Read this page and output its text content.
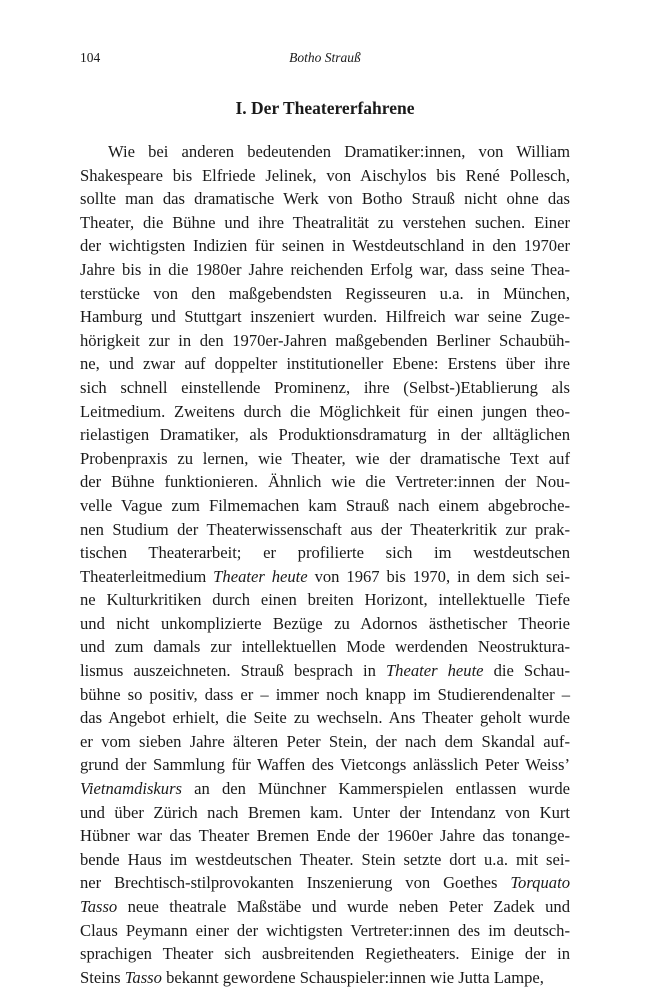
104	Botho Strauß
I. Der Theatererfahrene
Wie bei anderen bedeutenden Dramatiker:innen, von William
Shakespeare bis Elfriede Jelinek, von Aischylos bis René Pollesch,
sollte man das dramatische Werk von Botho Strauß nicht ohne das
Theater, die Bühne und ihre Theatralität zu verstehen suchen. Einer
der wichtigsten Indizien für seinen in Westdeutschland in den 1970er
Jahre bis in die 1980er Jahre reichenden Erfolg war, dass seine Thea-
terstücke von den maßgebendsten Regisseuren u.a. in München,
Hamburg und Stuttgart inszeniert wurden. Hilfreich war seine Zuge-
hörigkeit zur in den 1970er-Jahren maßgebenden Berliner Schaubüh-
ne, und zwar auf doppelter institutioneller Ebene: Erstens über ihre
sich schnell einstellende Prominenz, ihre (Selbst-)Etablierung als
Leitmedium. Zweitens durch die Möglichkeit für einen jungen theo-
rielastigen Dramatiker, als Produktionsdramaturg in der alltäglichen
Probenpraxis zu lernen, wie Theater, wie der dramatische Text auf
der Bühne funktionieren. Ähnlich wie die Vertreter:innen der Nou-
velle Vague zum Filmemachen kam Strauß nach einem abgebroche-
nen Studium der Theaterwissenschaft aus der Theaterkritik zur prak-
tischen Theaterarbeit; er profilierte sich im westdeutschen
Theaterleitmedium Theater heute von 1967 bis 1970, in dem sich sei-
ne Kulturkritiken durch einen breiten Horizont, intellektuelle Tiefe
und nicht unkomplizierte Bezüge zu Adornos ästhetischer Theorie
und zum damals zur intellektuellen Mode werdenden Neostruktura-
lismus auszeichneten. Strauß besprach in Theater heute die Schau-
bühne so positiv, dass er – immer noch knapp im Studierendenalter –
das Angebot erhielt, die Seite zu wechseln. Ans Theater geholt wurde
er vom sieben Jahre älteren Peter Stein, der nach dem Skandal auf-
grund der Sammlung für Waffen des Vietcongs anlässlich Peter Weiss’
Vietnamdiskurs an den Münchner Kammerspielen entlassen wurde
und über Zürich nach Bremen kam. Unter der Intendanz von Kurt
Hübner war das Theater Bremen Ende der 1960er Jahre das tonange-
bende Haus im westdeutschen Theater. Stein setzte dort u.a. mit sei-
ner Brechtisch-stilprovokanten Inszenierung von Goethes Torquato
Tasso neue theatrale Maßstäbe und wurde neben Peter Zadek und
Claus Peymann einer der wichtigsten Vertreter:innen des im deutsch-
sprachigen Theater sich ausbreitenden Regietheaters. Einige der in
Steins Tasso bekannt gewordene Schauspieler:innen wie Jutta Lampe,
